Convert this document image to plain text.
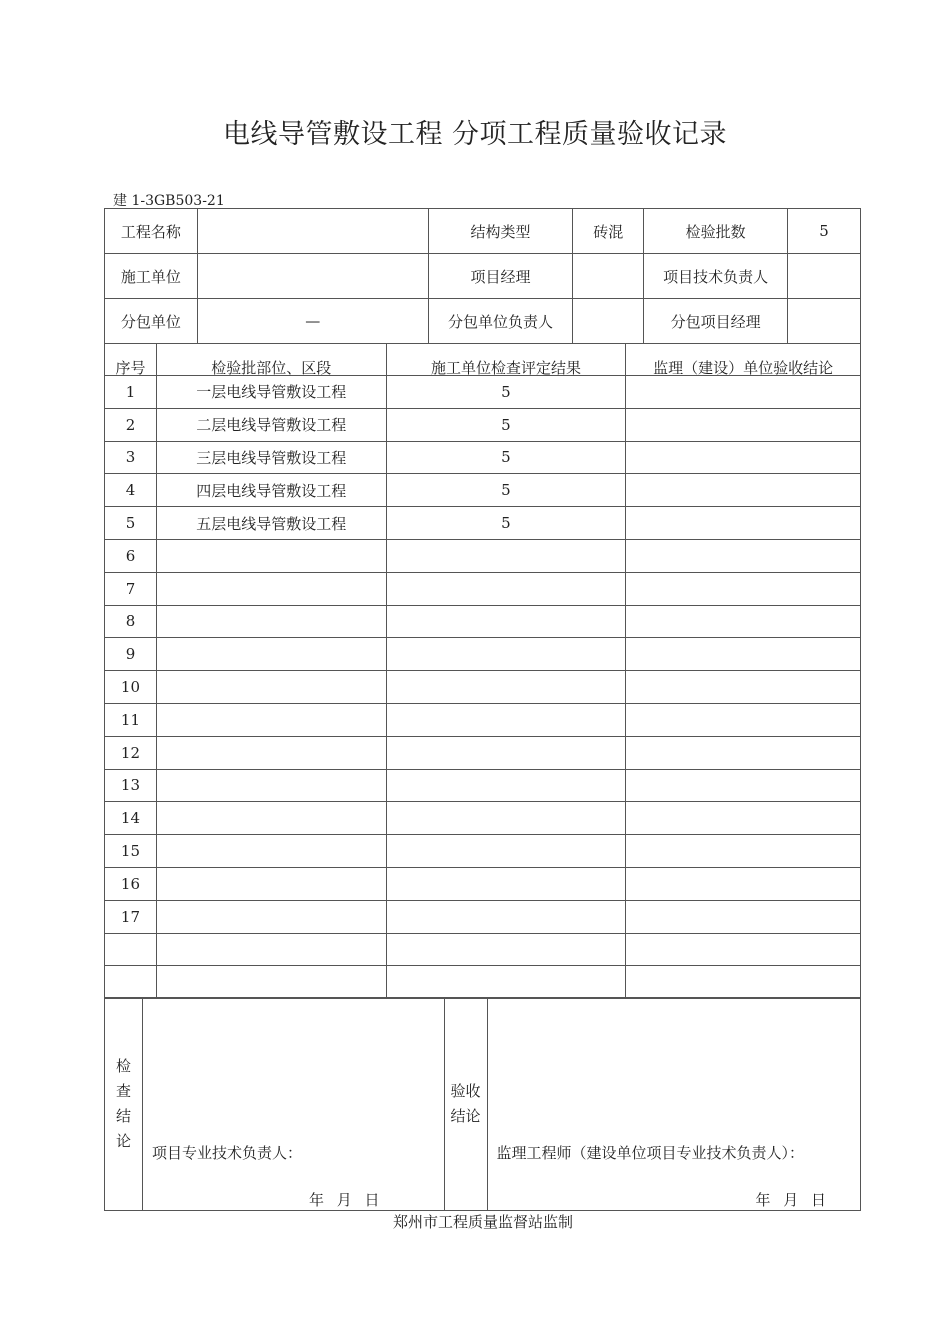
电线导管敷设工程 分项工程质量验收记录
建 1-3GB503-21
工程名称		结构类型	砖混	检验批数	5
施工单位		项目经理		项目技术负责人	
分包单位	—	分包单位负责人		分包项目经理	
序号	检验批部位、区段	施工单位检查评定结果	监理（建设）单位验收结论
1	一层电线导管敷设工程	5	
2	二层电线导管敷设工程	5	
3	三层电线导管敷设工程	5	
4	四层电线导管敷设工程	5	
5	五层电线导管敷设工程	5	
6			
7			
8			
9			
10			
11			
12			
13			
14			
15			
16			
17			

检
查
结
论

项目专业技术负责人：
年 月 日

验收
结论

监理工程师（建设单位项目专业技术负责人）：
年 月 日
郑州市工程质量监督站监制
